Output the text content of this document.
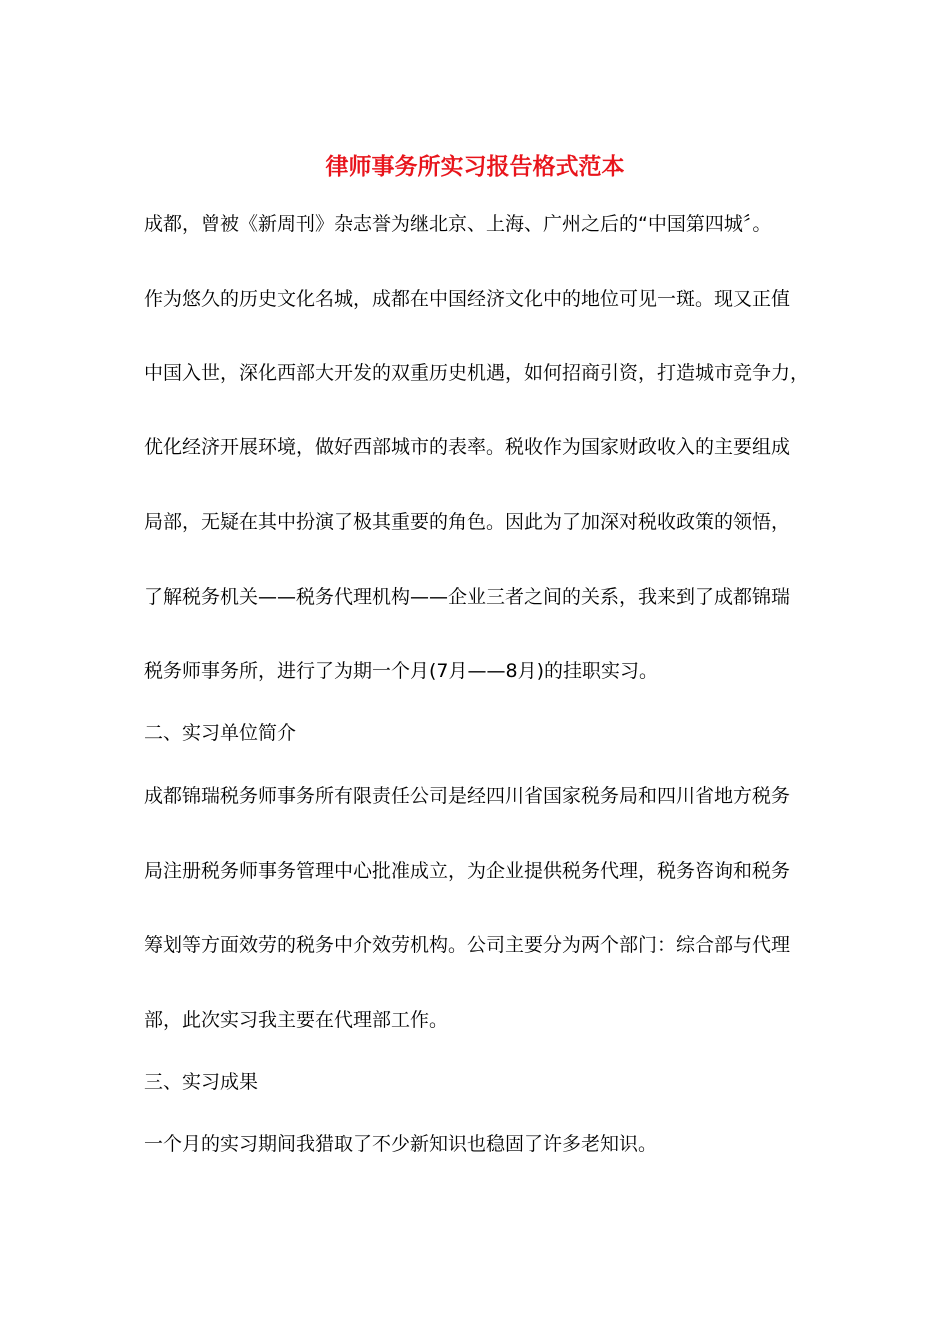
律师事务所实习报告格式范本
成都，曾被《新周刊》杂志誉为继北京、上海、广州之后的“中国第四城〞。
作为悠久的历史文化名城，成都在中国经济文化中的地位可见一斑。现又正值
中国入世，深化西部大开发的双重历史机遇，如何招商引资，打造城市竞争力，
优化经济开展环境，做好西部城市的表率。税收作为国家财政收入的主要组成
局部，无疑在其中扮演了极其重要的角色。因此为了加深对税收政策的领悟，
了解税务机关——税务代理机构——企业三者之间的关系，我来到了成都锦瑞
税务师事务所，进行了为期一个月(7月——8月)的挂职实习。
二、实习单位简介
成都锦瑞税务师事务所有限责任公司是经四川省国家税务局和四川省地方税务
局注册税务师事务管理中心批准成立，为企业提供税务代理，税务咨询和税务
筹划等方面效劳的税务中介效劳机构。公司主要分为两个部门：综合部与代理
部，此次实习我主要在代理部工作。
三、实习成果
一个月的实习期间我猎取了不少新知识也稳固了许多老知识。
